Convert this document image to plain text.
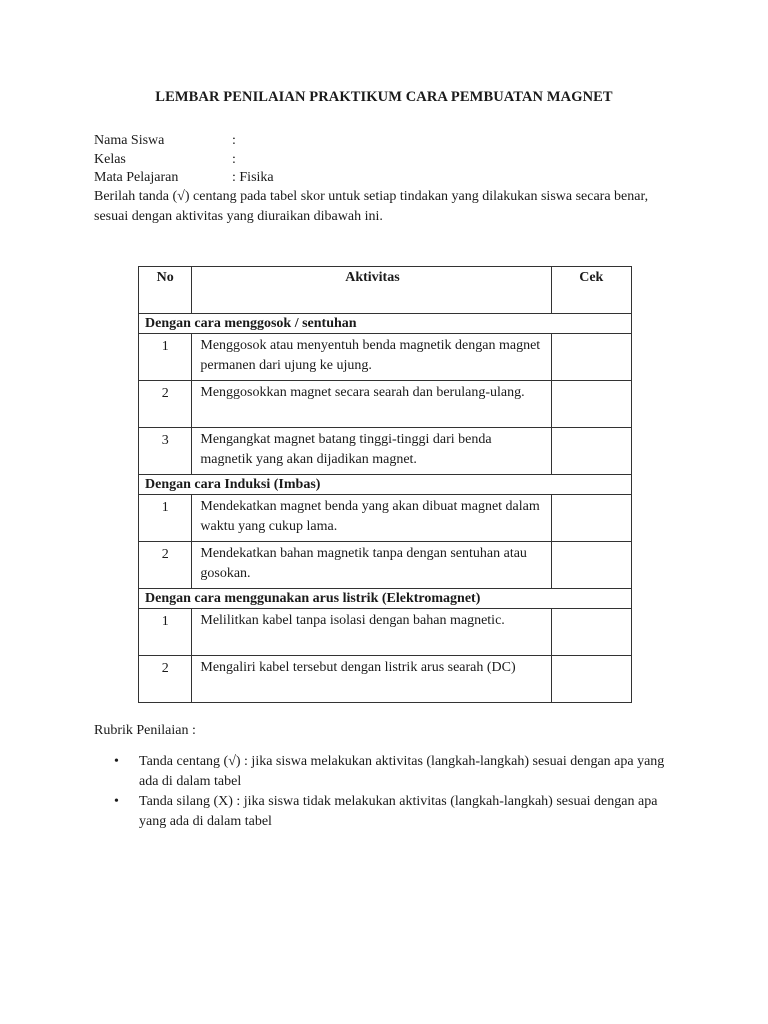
LEMBAR PENILAIAN PRAKTIKUM CARA PEMBUATAN MAGNET
Nama Siswa	:
Kelas	:
Mata Pelajaran	: Fisika
Berilah tanda (√) centang pada tabel skor untuk setiap tindakan yang dilakukan siswa secara benar, sesuai dengan aktivitas yang diuraikan dibawah ini.
No	Aktivitas	Cek
Dengan cara menggosok / sentuhan		
1	Menggosok atau menyentuh benda magnetik dengan magnet permanen dari ujung ke ujung.	
2	Menggosokkan magnet secara searah dan berulang-ulang.	
3	Mengangkat magnet batang tinggi-tinggi dari benda magnetik yang akan dijadikan magnet.	
Dengan cara Induksi (Imbas)		
1	Mendekatkan magnet benda yang akan dibuat magnet dalam waktu yang cukup lama.	
2	Mendekatkan bahan magnetik tanpa dengan sentuhan atau gosokan.	
Dengan cara menggunakan arus listrik (Elektromagnet)		
1	Melilitkan kabel tanpa isolasi dengan bahan magnetic.	
2	Mengaliri kabel tersebut dengan listrik arus searah (DC)	
Rubrik Penilaian :
• Tanda centang (√) : jika siswa melakukan aktivitas (langkah-langkah) sesuai dengan apa yang ada di dalam tabel
• Tanda silang (X) : jika siswa tidak melakukan aktivitas (langkah-langkah) sesuai dengan apa yang ada di dalam tabel
